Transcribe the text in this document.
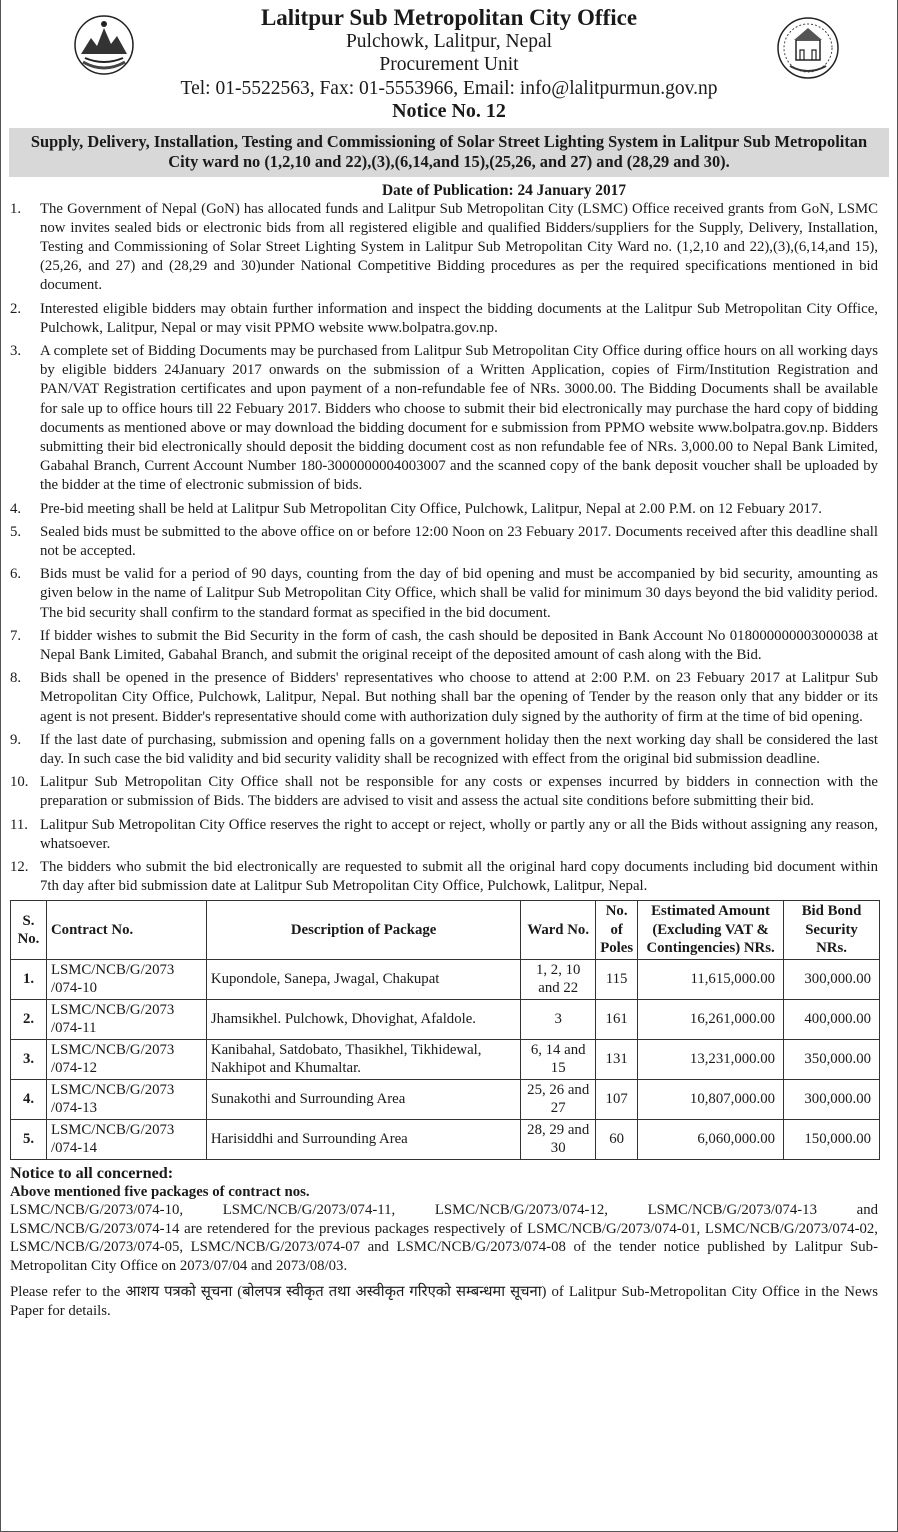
Lalitpur Sub Metropolitan City Office
Pulchowk, Lalitpur, Nepal
Procurement Unit
Tel: 01-5522563, Fax: 01-5553966, Email: info@lalitpurmun.gov.np
Notice No. 12
Supply, Delivery, Installation, Testing and Commissioning of Solar Street Lighting System in Lalitpur Sub Metropolitan City ward no (1,2,10 and 22),(3),(6,14,and 15),(25,26, and 27) and (28,29 and 30).
Date of Publication: 24 January 2017
1. The Government of Nepal (GoN) has allocated funds and Lalitpur Sub Metropolitan City (LSMC) Office received grants from GoN, LSMC now invites sealed bids or electronic bids from all registered eligible and qualified Bidders/suppliers for the Supply, Delivery, Installation, Testing and Commissioning of Solar Street Lighting System in Lalitpur Sub Metropolitan City Ward no. (1,2,10 and 22),(3),(6,14,and 15),(25,26, and 27) and (28,29 and 30)under National Competitive Bidding procedures as per the required specifications mentioned in bid document.
2. Interested eligible bidders may obtain further information and inspect the bidding documents at the Lalitpur Sub Metropolitan City Office, Pulchowk, Lalitpur, Nepal or may visit PPMO website www.bolpatra.gov.np.
3. A complete set of Bidding Documents may be purchased from Lalitpur Sub Metropolitan City Office during office hours on all working days by eligible bidders 24January 2017 onwards on the submission of a Written Application, copies of Firm/Institution Registration and PAN/VAT Registration certificates and upon payment of a non-refundable fee of NRs. 3000.00. The Bidding Documents shall be available for sale up to office hours till 22 Febuary 2017. Bidders who choose to submit their bid electronically may purchase the hard copy of bidding documents as mentioned above or may download the bidding document for e submission from PPMO website www.bolpatra.gov.np. Bidders submitting their bid electronically should deposit the bidding document cost as non refundable fee of NRs. 3,000.00 to Nepal Bank Limited, Gabahal Branch, Current Account Number 180-3000000004003007 and the scanned copy of the bank deposit voucher shall be uploaded by the bidder at the time of electronic submission of bids.
4. Pre-bid meeting shall be held at Lalitpur Sub Metropolitan City Office, Pulchowk, Lalitpur, Nepal at 2.00 P.M. on 12 Febuary 2017.
5. Sealed bids must be submitted to the above office on or before 12:00 Noon on 23 Febuary 2017. Documents received after this deadline shall not be accepted.
6. Bids must be valid for a period of 90 days, counting from the day of bid opening and must be accompanied by bid security, amounting as given below in the name of Lalitpur Sub Metropolitan City Office, which shall be valid for minimum 30 days beyond the bid validity period. The bid security shall confirm to the standard format as specified in the bid document.
7. If bidder wishes to submit the Bid Security in the form of cash, the cash should be deposited in Bank Account No 018000000003000038 at Nepal Bank Limited, Gabahal Branch, and submit the original receipt of the deposited amount of cash along with the Bid.
8. Bids shall be opened in the presence of Bidders' representatives who choose to attend at 2:00 P.M. on 23 Febuary 2017 at Lalitpur Sub Metropolitan City Office, Pulchowk, Lalitpur, Nepal. But nothing shall bar the opening of Tender by the reason only that any bidder or its agent is not present. Bidder's representative should come with authorization duly signed by the authority of firm at the time of bid opening.
9. If the last date of purchasing, submission and opening falls on a government holiday then the next working day shall be considered the last day. In such case the bid validity and bid security validity shall be recognized with effect from the original bid submission deadline.
10. Lalitpur Sub Metropolitan City Office shall not be responsible for any costs or expenses incurred by bidders in connection with the preparation or submission of Bids. The bidders are advised to visit and assess the actual site conditions before submitting their bid.
11. Lalitpur Sub Metropolitan City Office reserves the right to accept or reject, wholly or partly any or all the Bids without assigning any reason, whatsoever.
12. The bidders who submit the bid electronically are requested to submit all the original hard copy documents including bid document within 7th day after bid submission date at Lalitpur Sub Metropolitan City Office, Pulchowk, Lalitpur, Nepal.
S. No.	Contract No.	Description of Package	Ward No.	No. of Poles	Estimated Amount (Excluding VAT & Contingencies) NRs.	Bid Bond Security NRs.
1.	LSMC/NCB/G/2073 /074-10	Kupondole, Sanepa, Jwagal, Chakupat	1, 2, 10 and 22	115	11,615,000.00	300,000.00
2.	LSMC/NCB/G/2073 /074-11	Jhamsikhel. Pulchowk, Dhovighat, Afaldole.	3	161	16,261,000.00	400,000.00
3.	LSMC/NCB/G/2073 /074-12	Kanibahal, Satdobato, Thasikhel, Tikhidewal, Nakhipot and Khumaltar.	6, 14 and 15	131	13,231,000.00	350,000.00
4.	LSMC/NCB/G/2073 /074-13	Sunakothi and Surrounding Area	25, 26 and 27	107	10,807,000.00	300,000.00
5.	LSMC/NCB/G/2073 /074-14	Harisiddhi and Surrounding Area	28, 29 and 30	60	6,060,000.00	150,000.00
Notice to all concerned:
Above mentioned five packages of contract nos.

LSMC/NCB/G/2073/074-10, LSMC/NCB/G/2073/074-11, LSMC/NCB/G/2073/074-12, LSMC/NCB/G/2073/074-13 and LSMC/NCB/G/2073/074-14 are retendered for the previous packages respectively of LSMC/NCB/G/2073/074-01, LSMC/NCB/G/2073/074-02, LSMC/NCB/G/2073/074-05, LSMC/NCB/G/2073/074-07 and LSMC/NCB/G/2073/074-08 of the tender notice published by Lalitpur Sub-Metropolitan City Office on 2073/07/04 and 2073/08/03.

Please refer to the आशय पत्रको सूचना (बोलपत्र स्वीकृत तथा अस्वीकृत गरिएको सम्बन्धमा सूचना) of Lalitpur Sub-Metropolitan City Office in the News Paper for details.
